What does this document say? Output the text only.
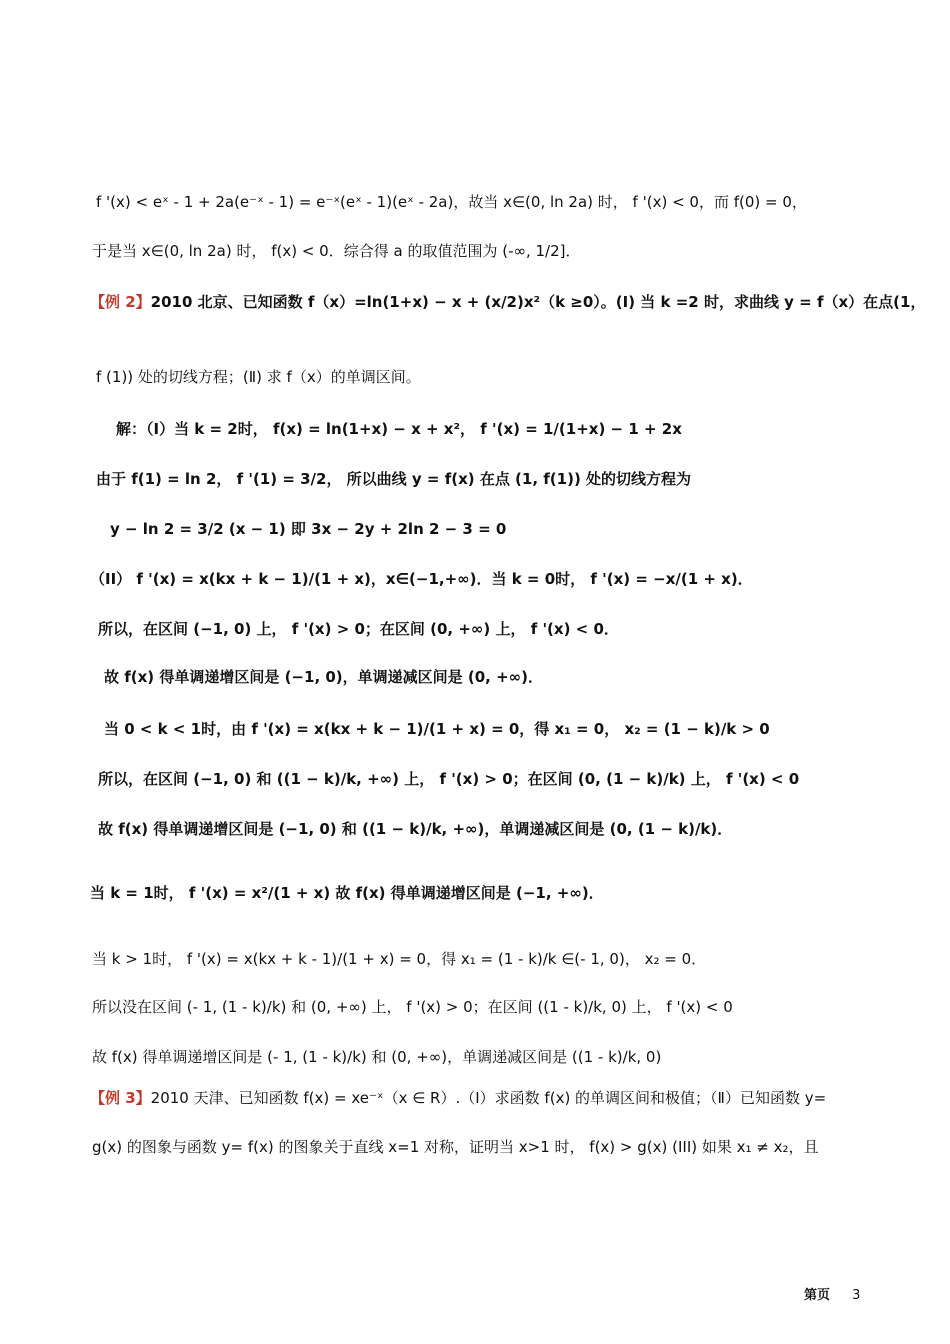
f '(x) < eˣ - 1 + 2a(e⁻ˣ - 1) = e⁻ˣ(eˣ - 1)(eˣ - 2a)，故当 x∈(0, ln 2a) 时， f '(x) < 0，而 f(0) = 0，
于是当 x∈(0, ln 2a) 时， f(x) < 0．综合得 a 的取值范围为 (-∞, 1/2]．
【例 2】2010 北京、已知函数 f（x）=ln(1+x) − x + (x/2)x²（k ≥0）。(Ⅰ) 当 k =2 时，求曲线 y = f（x）在点(1，
f (1)) 处的切线方程；(Ⅱ) 求 f（x）的单调区间。
解：（I）当 k = 2时， f(x) = ln(1+x) − x + x²， f '(x) = 1/(1+x) − 1 + 2x
由于 f(1) = ln 2， f '(1) = 3/2， 所以曲线 y = f(x) 在点 (1, f(1)) 处的切线方程为
y − ln 2 = 3/2 (x − 1) 即 3x − 2y + 2ln 2 − 3 = 0
（II） f '(x) = x(kx + k − 1)/(1 + x)，x∈(−1,+∞)．当 k = 0时， f '(x) = −x/(1 + x)．
所以，在区间 (−1, 0) 上， f '(x) > 0；在区间 (0, +∞) 上， f '(x) < 0．
故 f(x) 得单调递增区间是 (−1, 0)，单调递减区间是 (0, +∞)．
当 0 < k < 1时，由 f '(x) = x(kx + k − 1)/(1 + x) = 0，得 x₁ = 0， x₂ = (1 − k)/k > 0
所以，在区间 (−1, 0) 和 ((1 − k)/k, +∞) 上， f '(x) > 0；在区间 (0, (1 − k)/k) 上， f '(x) < 0
故 f(x) 得单调递增区间是 (−1, 0) 和 ((1 − k)/k, +∞)，单调递减区间是 (0, (1 − k)/k)．
当 k = 1时， f '(x) = x²/(1 + x) 故 f(x) 得单调递增区间是 (−1, +∞)．
当 k > 1时， f '(x) = x(kx + k - 1)/(1 + x) = 0，得 x₁ = (1 - k)/k ∈(- 1, 0)， x₂ = 0．
所以没在区间 (- 1, (1 - k)/k) 和 (0, +∞) 上， f '(x) > 0；在区间 ((1 - k)/k, 0) 上， f '(x) < 0
故 f(x) 得单调递增区间是 (- 1, (1 - k)/k) 和 (0, +∞)，单调递减区间是 ((1 - k)/k, 0)
【例 3】2010 天津、已知函数 f(x) = xe⁻ˣ（x ∈ R）.（Ⅰ）求函数 f(x) 的单调区间和极值；（Ⅱ）已知函数 y=
g(x) 的图象与函数 y= f(x) 的图象关于直线 x=1 对称，证明当 x>1 时， f(x) > g(x) (III) 如果 x₁ ≠ x₂，且
第页 3
